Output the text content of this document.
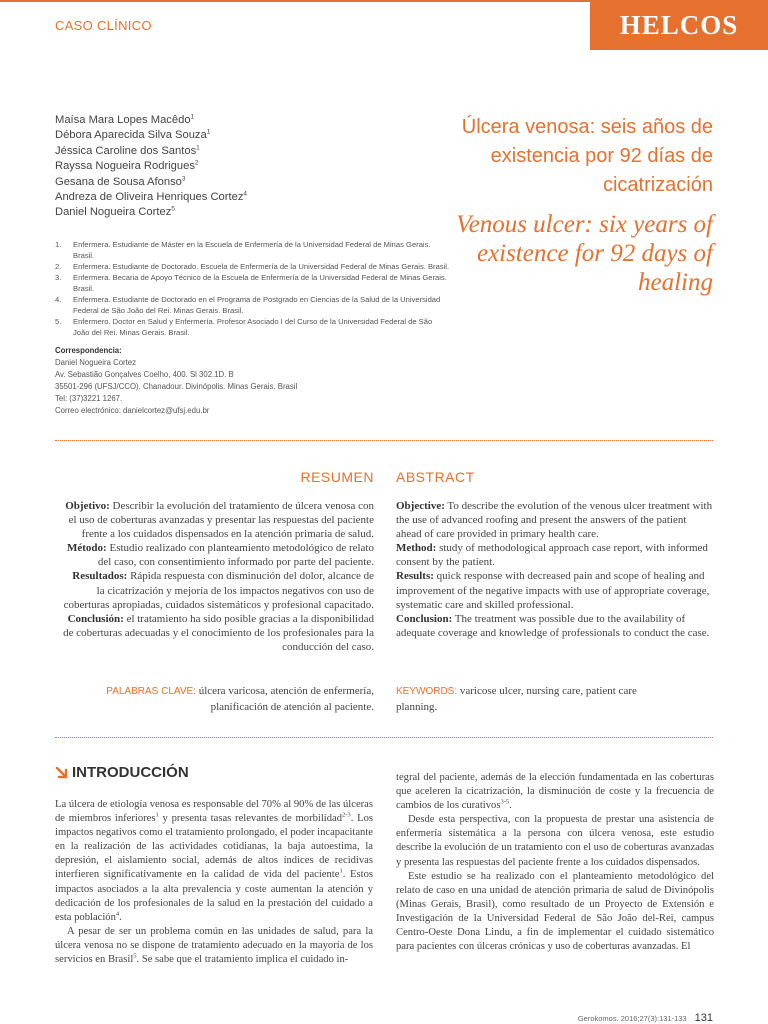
CASO CLÍNICO	HELCOS
Maísa Mara Lopes Macêdo$^1$
Débora Aparecida Silva Souza$^1$
Jéssica Caroline dos Santos$^1$
Rayssa Nogueira Rodrigues$^2$
Gesana de Sousa Afonso$^3$
Andreza de Oliveira Henriques Cortez$^4$
Daniel Nogueira Cortez$^5$
Úlcera venosa: seis años de existencia por 92 días de cicatrización
Venous ulcer: six years of existence for 92 days of healing
1. Enfermera. Estudiante de Máster en la Escuela de Enfermería de la Universidad Federal de Minas Gerais. Brasil.
2. Enfermera. Estudiante de Doctorado. Escuela de Enfermería de la Universidad Federal de Minas Gerais. Brasil.
3. Enfermera. Becaria de Apoyo Técnico de la Escuela de Enfermería de la Universidad Federal de Minas Gerais. Brasil.
4. Enfermera. Estudiante de Doctorado en el Programa de Postgrado en Ciencias de la Salud de la Universidad Federal de São João del Rei. Minas Gerais. Brasil.
5. Enfermero. Doctor en Salud y Enfermería. Profesor Asociado I del Curso de la Universidad Federal de São João del Rei. Minas Gerais. Brasil.
Correspondencia:
Daniel Nogueira Cortez
Av. Sebastião Gonçalves Coelho, 400. Sl 302.1D. B
35501-296 (UFSJ/CCO). Chanadour. Divinópolis. Minas Gerais. Brasil
Tel: (37)3221 1267.
Correo electrónico: danielcortez@ufsj.edu.br
RESUMEN ABSTRACT
Objetivo: Describir la evolución del tratamiento de úlcera venosa con el uso de coberturas avanzadas y presentar las respuestas del paciente frente a los cuidados dispensados en la atención primaria de salud.
Método: Estudio realizado con planteamiento metodológico de relato del caso, con consentimiento informado por parte del paciente.
Resultados: Rápida respuesta con disminución del dolor, alcance de la cicatrización y mejoría de los impactos negativos con uso de coberturas apropiadas, cuidados sistemáticos y profesional capacitado.
Conclusión: el tratamiento ha sido posible gracias a la disponibilidad de coberturas adecuadas y el conocimiento de los profesionales para la conducción del caso.
Objective: To describe the evolution of the venous ulcer treatment with the use of advanced roofing and present the answers of the patient ahead of care provided in primary health care.
Method: study of methodological approach case report, with informed consent by the patient.
Results: quick response with decreased pain and scope of healing and improvement of the negative impacts with use of appropriate coverage, systematic care and skilled professional.
Conclusion: The treatment was possible due to the availability of adequate coverage and knowledge of professionals to conduct the case.
PALABRAS CLAVE: úlcera varicosa, atención de enfermería, planificación de atención al paciente.
KEYWORDS: varicose ulcer, nursing care, patient care planning.
INTRODUCCIÓN

La úlcera de etiología venosa es responsable del 70% al 90% de las úlceras de miembros inferiores$^1$ y presenta tasas relevantes de morbilidad$^{2-3}$. Los impactos negativos como el tratamiento prolongado, el poder incapacitante en la realización de las actividades cotidianas, la baja autoestima, la depresión, el aislamiento social, además de altos índices de recidivas interfieren significativamente en la calidad de vida del paciente$^1$. Estos impactos asociados a la alta prevalencia y coste aumentan la atención y dedicación de los profesionales de la salud en la prestación del cuidado a esta población$^4$.

A pesar de ser un problema común en las unidades de salud, para la úlcera venosa no se dispone de tratamiento adecuado en la mayoría de los servicios en Brasil$^5$. Se sabe que el tratamiento implica el cuidado in-

tegral del paciente, además de la elección fundamentada en las coberturas que aceleren la cicatrización, la disminución de coste y la frecuencia de cambios de los curativos$^{3-5}$.

Desde esta perspectiva, con la propuesta de prestar una asistencia de enfermería sistemática a la persona con úlcera venosa, este estudio describe la evolución de un tratamiento con el uso de coberturas avanzadas y presenta las respuestas del paciente frente a los cuidados dispensados.

Este estudio se ha realizado con el planteamiento metodológico del relato de caso en una unidad de atención primaria de salud de Divinópolis (Minas Gerais, Brasil), como resultado de un Proyecto de Extensión e Investigación de la Universidad Federal de São João del-Rei, campus Centro-Oeste Dona Lindu, a fin de implementar el cuidado sistemático para pacientes con úlceras crónicas y uso de coberturas avanzadas. El

Gerokomos. 2016;27(3):131-133 131
